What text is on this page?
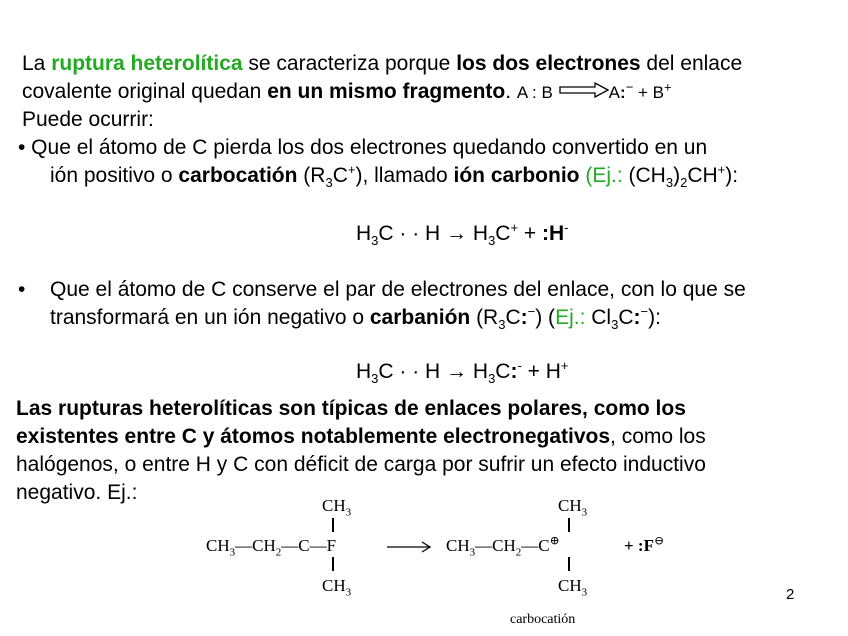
La ruptura heterolítica se caracteriza porque los dos electrones del enlace
covalente original quedan en un mismo fragmento. A : B	A:− + B+
Puede ocurrir:
• Que el átomo de C pierda los dos electrones quedando convertido en un
ión positivo o carbocatión $(R_3C^+)$, llamado ión carbonio (Ej.: $(CH_3)_2CH^+$):
$H_3C$ · · $H \to H_3C^+$ + :H-
• Que el átomo de C conserve el par de electrones del enlace, con lo que se
transformará en un ión negativo o carbanión $(R_3C:^-)$ (Ej.: $Cl_3C:^-$):
$H_3C$ · · $H \to H_3C:^- + H^+$
Las rupturas heterolíticas son típicas de enlaces polares, como los
existentes entre C y átomos notablemente electronegativos, como los
halógenos, o entre H y C con déficit de carga por sufrir un efecto inductivo
negativo. Ej.:
$CH_3$
$CH_3—CH_2—C—F$
$CH_3$
$CH_3$
$CH_3—CH_2—C^\oplus$
$CH_3$
+ :F⊖
carbocatión
2
